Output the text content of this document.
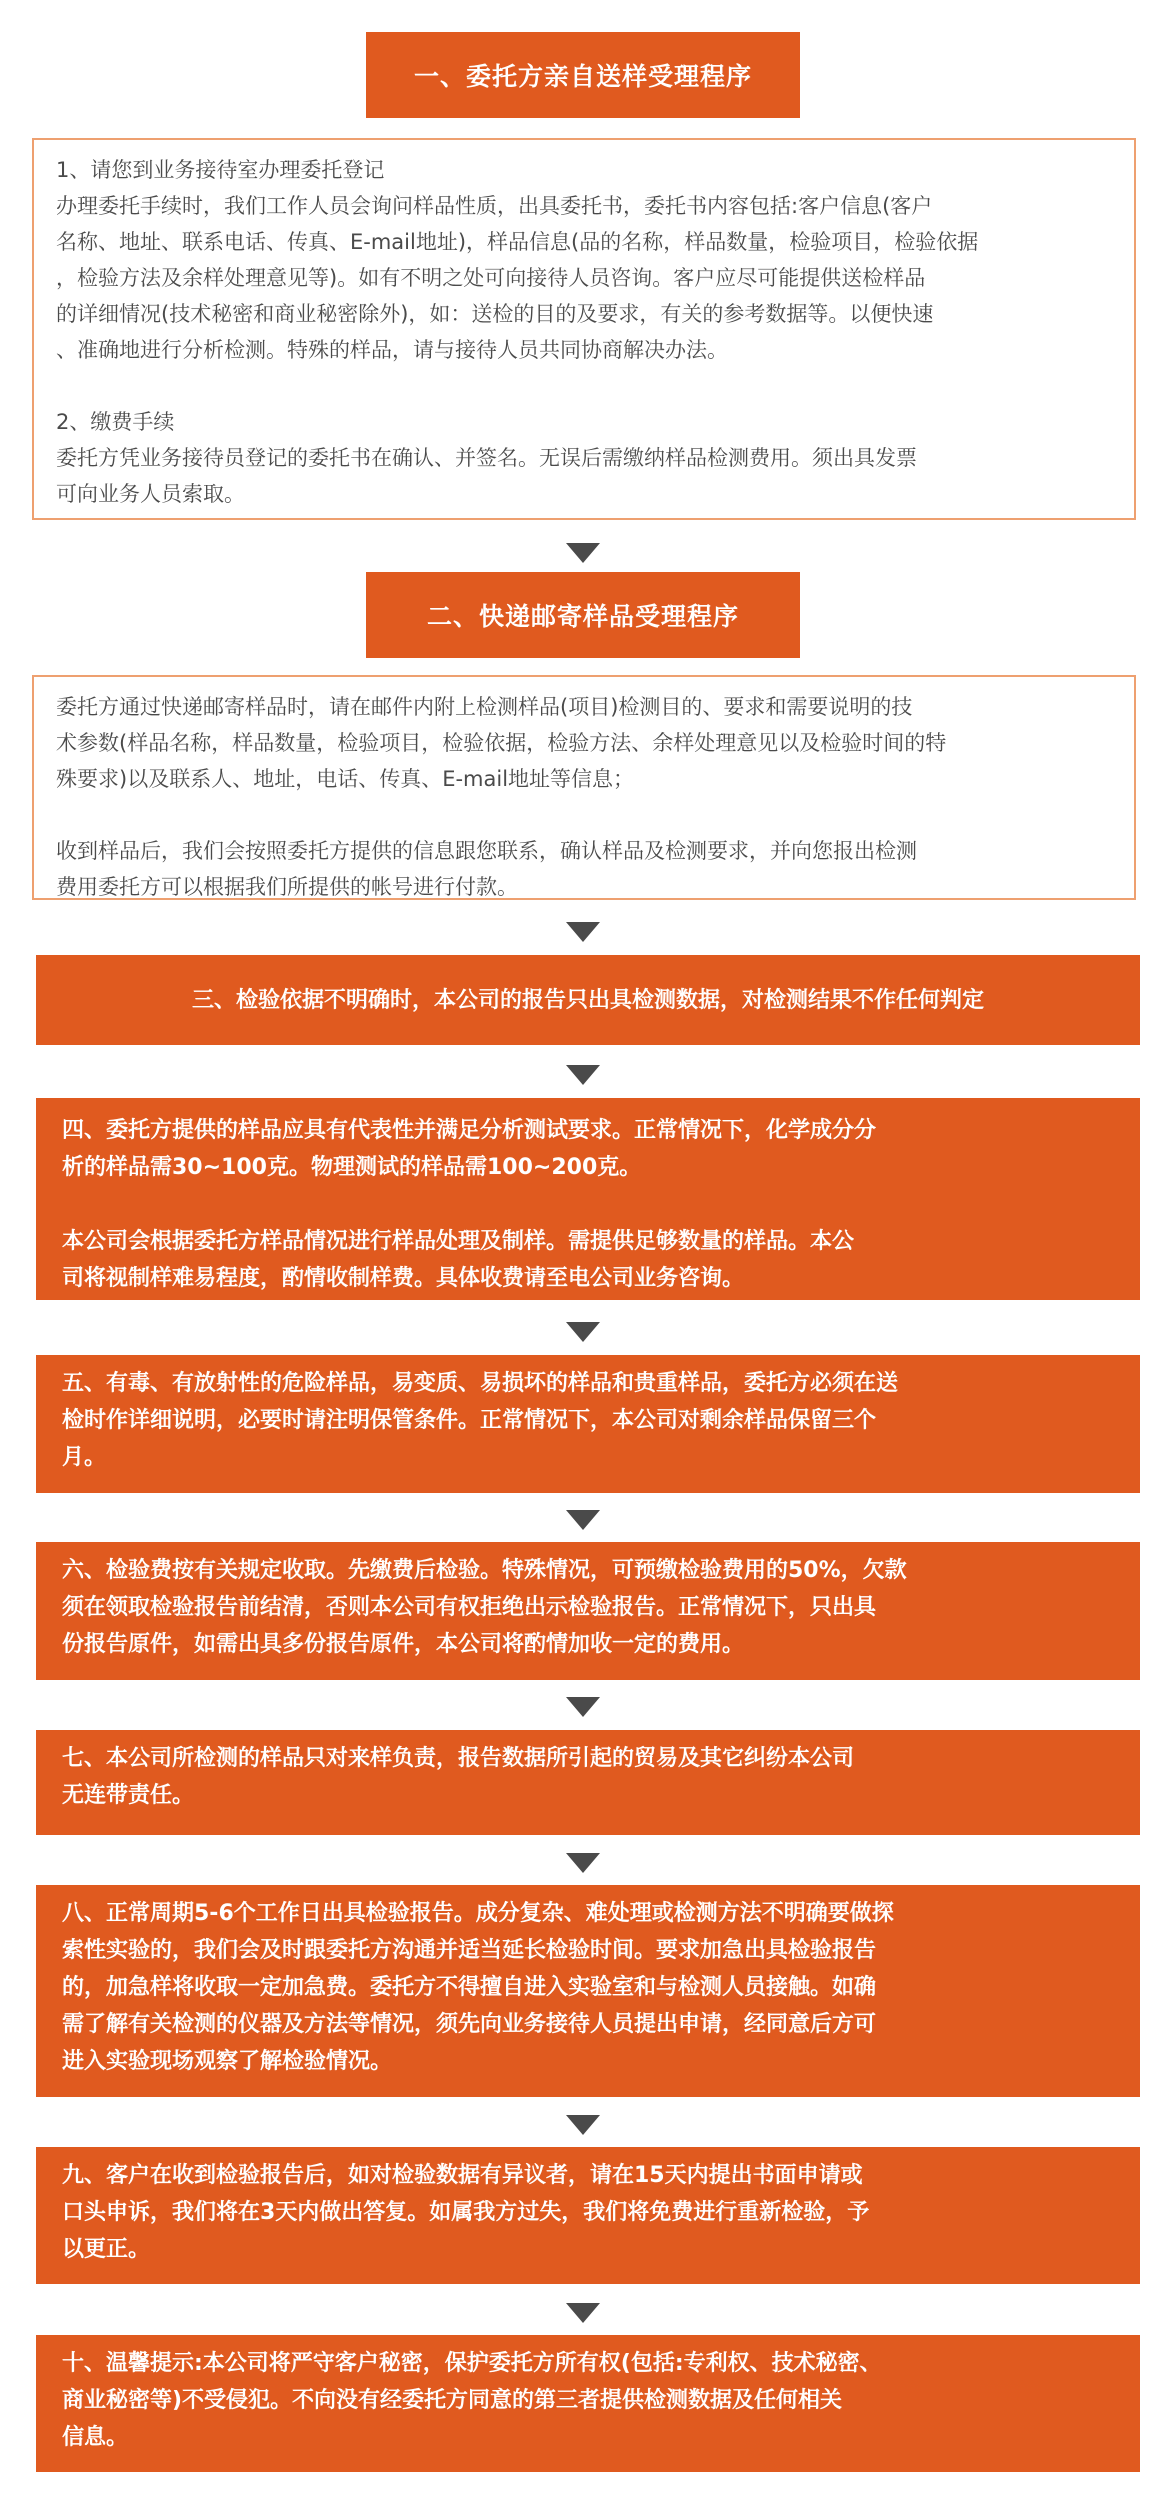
一、委托方亲自送样受理程序

1、请您到业务接待室办理委托登记

办理委托手续时，我们工作人员会询问样品性质，出具委托书，委托书内容包括:客户信息(客户

名称、地址、联系电话、传真、E-mail地址)，样品信息(品的名称，样品数量，检验项目，检验依据

，检验方法及余样处理意见等)。如有不明之处可向接待人员咨询。客户应尽可能提供送检样品

的详细情况(技术秘密和商业秘密除外)，如：送检的目的及要求，有关的参考数据等。以便快速

、准确地进行分析检测。特殊的样品，请与接待人员共同协商解决办法。

2、缴费手续

委托方凭业务接待员登记的委托书在确认、并签名。无误后需缴纳样品检测费用。须出具发票

可向业务人员索取。

二、快递邮寄样品受理程序

委托方通过快递邮寄样品时，请在邮件内附上检测样品(项目)检测目的、要求和需要说明的技

术参数(样品名称，样品数量，检验项目，检验依据，检验方法、余样处理意见以及检验时间的特

殊要求)以及联系人、地址，电话、传真、E-mail地址等信息；

收到样品后，我们会按照委托方提供的信息跟您联系，确认样品及检测要求，并向您报出检测

费用委托方可以根据我们所提供的帐号进行付款。

三、检验依据不明确时，本公司的报告只出具检测数据，对检测结果不作任何判定

四、委托方提供的样品应具有代表性并满足分析测试要求。正常情况下，化学成分分

析的样品需30~100克。物理测试的样品需100~200克。

本公司会根据委托方样品情况进行样品处理及制样。需提供足够数量的样品。本公

司将视制样难易程度，酌情收制样费。具体收费请至电公司业务咨询。

五、有毒、有放射性的危险样品，易变质、易损坏的样品和贵重样品，委托方必须在送

检时作详细说明，必要时请注明保管条件。正常情况下，本公司对剩余样品保留三个

月。

六、检验费按有关规定收取。先缴费后检验。特殊情况，可预缴检验费用的50%，欠款

须在领取检验报告前结清，否则本公司有权拒绝出示检验报告。正常情况下，只出具

份报告原件，如需出具多份报告原件，本公司将酌情加收一定的费用。

七、本公司所检测的样品只对来样负责，报告数据所引起的贸易及其它纠纷本公司

无连带责任。

八、正常周期5-6个工作日出具检验报告。成分复杂、难处理或检测方法不明确要做探

索性实验的，我们会及时跟委托方沟通并适当延长检验时间。要求加急出具检验报告

的，加急样将收取一定加急费。委托方不得擅自进入实验室和与检测人员接触。如确

需了解有关检测的仪器及方法等情况，须先向业务接待人员提出申请，经同意后方可

进入实验现场观察了解检验情况。

九、客户在收到检验报告后，如对检验数据有异议者，请在15天内提出书面申请或

口头申诉，我们将在3天内做出答复。如属我方过失，我们将免费进行重新检验，予

以更正。

十、温馨提示:本公司将严守客户秘密，保护委托方所有权(包括:专利权、技术秘密、

商业秘密等)不受侵犯。不向没有经委托方同意的第三者提供检测数据及任何相关

信息。
